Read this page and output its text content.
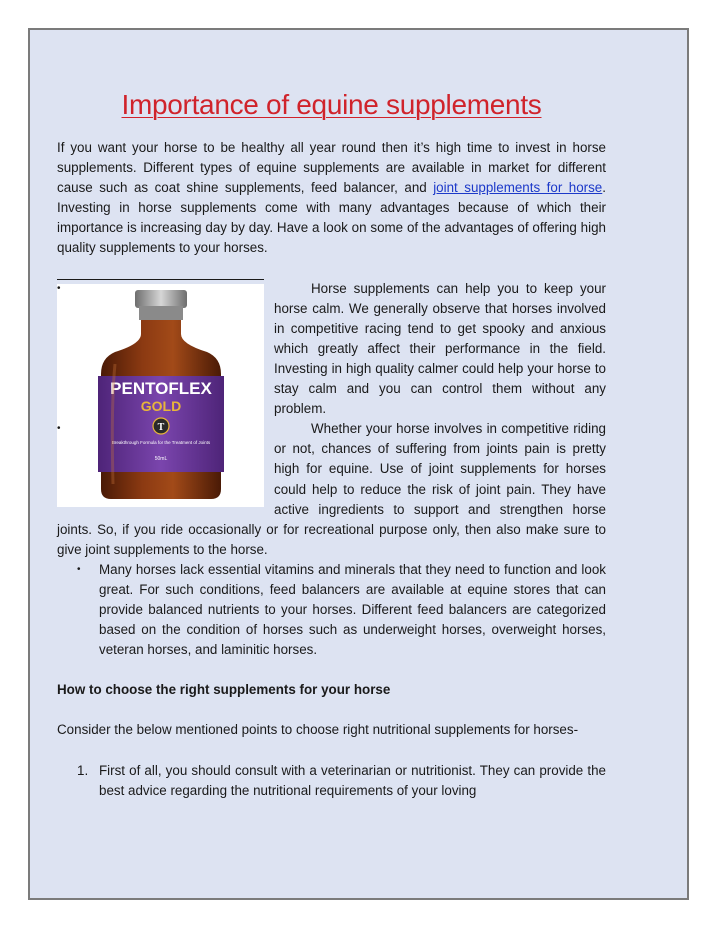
Importance of equine supplements

If you want your horse to be healthy all year round then it’s high time to invest in horse supplements. Different types of equine supplements are available in market for different cause such as coat shine supplements, feed balancer, and joint supplements for horse. Investing in horse supplements come with many advantages because of which their importance is increasing day by day. Have a look on some of the advantages of offering high quality supplements to your horses.

PENTOFLEX
GOLD
T
Breakthrough Formula for the Treatment of Joints
50mL
•	Horse supplements can help you to keep your horse calm. We generally observe that horses involved in competitive racing tend to get spooky and anxious which greatly affect their performance in the field. Investing in high quality calmer could help your horse to stay calm and you can control them without any problem.
•	Whether your horse involves in competitive riding or not, chances of suffering from joints pain is pretty high for equine. Use of joint supplements for horses could help to reduce the risk of joint pain. They have active ingredients to support and strengthen horse joints. So, if you ride occasionally or for recreational purpose only, then also make sure to give joint supplements to the horse.
• Many horses lack essential vitamins and minerals that they need to function and look great. For such conditions, feed balancers are available at equine stores that can provide balanced nutrients to your horses. Different feed balancers are categorized based on the condition of horses such as underweight horses, overweight horses, veteran horses, and laminitic horses.
How to choose the right supplements for your horse

Consider the below mentioned points to choose right nutritional supplements for horses-

1. First of all, you should consult with a veterinarian or nutritionist. They can provide the best advice regarding the nutritional requirements of your loving
